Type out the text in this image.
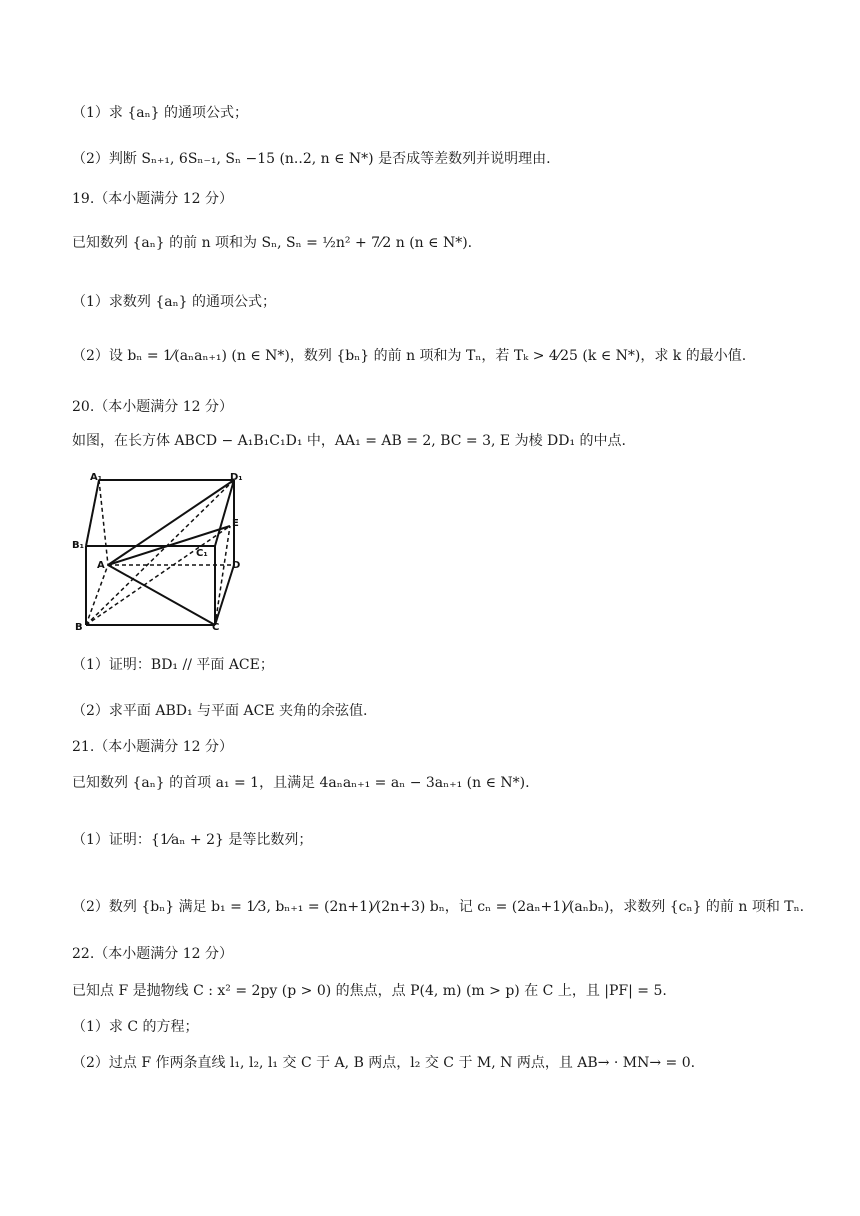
（1）求 {aₙ} 的通项公式；
（2）判断 Sₙ₊₁, 6Sₙ₋₁, Sₙ −15 (n..2, n ∈ N*) 是否成等差数列并说明理由.
19.（本小题满分 12 分）
已知数列 {aₙ} 的前 n 项和为 Sₙ, Sₙ = ½n² + 7⁄2 n (n ∈ N*).
（1）求数列 {aₙ} 的通项公式；
（2）设 bₙ = 1⁄(aₙaₙ₊₁) (n ∈ N*)，数列 {bₙ} 的前 n 项和为 Tₙ，若 Tₖ > 4⁄25 (k ∈ N*)，求 k 的最小值.
20.（本小题满分 12 分）
如图，在长方体 ABCD − A₁B₁C₁D₁ 中，AA₁ = AB = 2, BC = 3, E 为棱 DD₁ 的中点.
A₁	D₁
E
B₁
C₁
A	D
B	C
（1）证明：BD₁ // 平面 ACE；
（2）求平面 ABD₁ 与平面 ACE 夹角的余弦值.
21.（本小题满分 12 分）
已知数列 {aₙ} 的首项 a₁ = 1，且满足 4aₙaₙ₊₁ = aₙ − 3aₙ₊₁ (n ∈ N*).
（1）证明：{1⁄aₙ + 2} 是等比数列；
（2）数列 {bₙ} 满足 b₁ = 1⁄3, bₙ₊₁ = (2n+1)⁄(2n+3) bₙ，记 cₙ = (2aₙ+1)⁄(aₙbₙ)，求数列 {cₙ} 的前 n 项和 Tₙ.
22.（本小题满分 12 分）
已知点 F 是抛物线 C : x² = 2py (p > 0) 的焦点，点 P(4, m) (m > p) 在 C 上，且 |PF| = 5.
（1）求 C 的方程；
（2）过点 F 作两条直线 l₁, l₂, l₁ 交 C 于 A, B 两点，l₂ 交 C 于 M, N 两点，且 AB→ · MN→ = 0.
